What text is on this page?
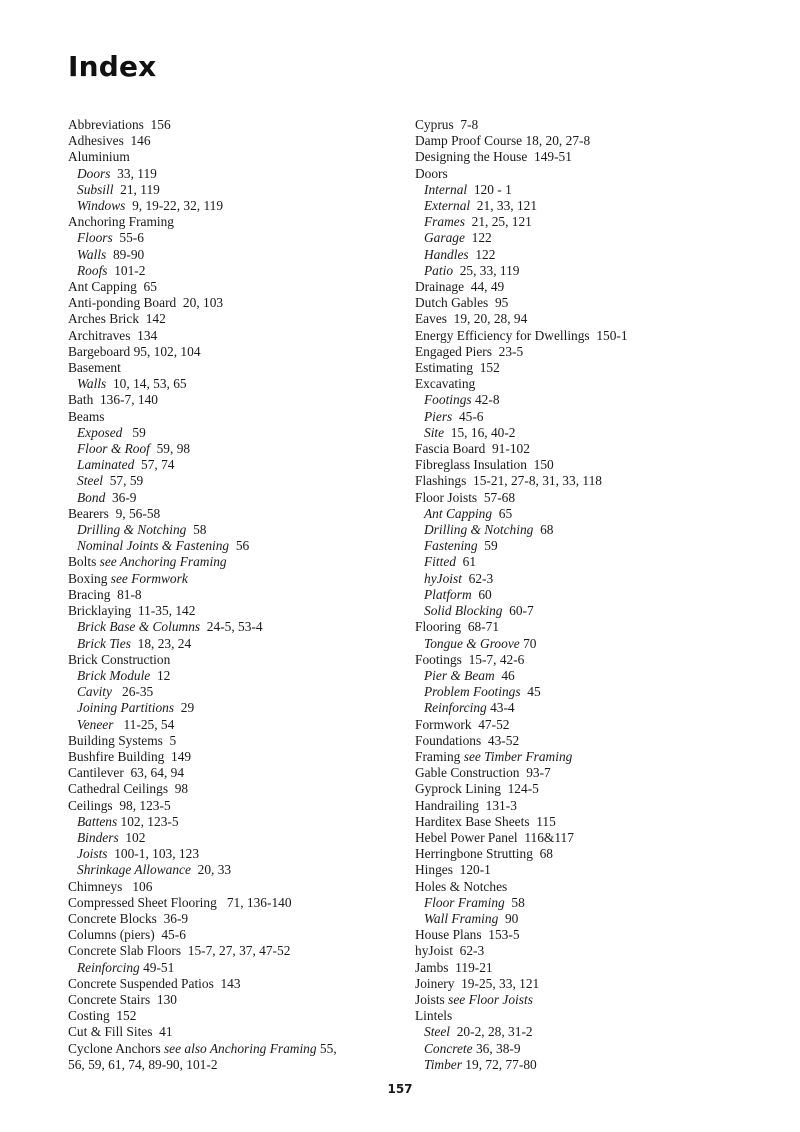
Index
Abbreviations  156
Adhesives  146
Aluminium
Doors  33, 119
Subsill  21, 119
Windows  9, 19-22, 32, 119
Anchoring Framing
Floors  55-6
Walls  89-90
Roofs  101-2
Ant Capping  65
Anti-ponding Board  20, 103
Arches Brick  142
Architraves  134
Bargeboard 95, 102, 104
Basement
Walls  10, 14, 53, 65
Bath  136-7, 140
Beams
Exposed   59
Floor & Roof  59, 98
Laminated  57, 74
Steel  57, 59
Bond  36-9
Bearers  9, 56-58
Drilling & Notching  58
Nominal Joints & Fastening  56
Bolts see Anchoring Framing
Boxing see Formwork
Bracing  81-8
Bricklaying  11-35, 142
Brick Base & Columns  24-5, 53-4
Brick Ties  18, 23, 24
Brick Construction
Brick Module  12
Cavity   26-35
Joining Partitions  29
Veneer   11-25, 54
Building Systems  5
Bushfire Building  149
Cantilever  63, 64, 94
Cathedral Ceilings  98
Ceilings  98, 123-5
Battens 102, 123-5
Binders  102
Joists  100-1, 103, 123
Shrinkage Allowance  20, 33
Chimneys   106
Compressed Sheet Flooring   71, 136-140
Concrete Blocks  36-9
Columns (piers)  45-6
Concrete Slab Floors  15-7, 27, 37, 47-52
Reinforcing 49-51
Concrete Suspended Patios  143
Concrete Stairs  130
Costing  152
Cut & Fill Sites  41
Cyclone Anchors see also Anchoring Framing 55,
56, 59, 61, 74, 89-90, 101-2
Cyprus  7-8
Damp Proof Course 18, 20, 27-8
Designing the House  149-51
Doors
Internal  120 - 1
External  21, 33, 121
Frames  21, 25, 121
Garage  122
Handles  122
Patio  25, 33, 119
Drainage  44, 49
Dutch Gables  95
Eaves  19, 20, 28, 94
Energy Efficiency for Dwellings  150-1
Engaged Piers  23-5
Estimating  152
Excavating
Footings 42-8
Piers  45-6
Site  15, 16, 40-2
Fascia Board  91-102
Fibreglass Insulation  150
Flashings  15-21, 27-8, 31, 33, 118
Floor Joists  57-68
Ant Capping  65
Drilling & Notching  68
Fastening  59
Fitted  61
hyJoist  62-3
Platform  60
Solid Blocking  60-7
Flooring  68-71
Tongue & Groove 70
Footings  15-7, 42-6
Pier & Beam  46
Problem Footings  45
Reinforcing 43-4
Formwork  47-52
Foundations  43-52
Framing see Timber Framing
Gable Construction  93-7
Gyprock Lining  124-5
Handrailing  131-3
Harditex Base Sheets  115
Hebel Power Panel  116&117
Herringbone Strutting  68
Hinges  120-1
Holes & Notches
Floor Framing  58
Wall Framing  90
House Plans  153-5
hyJoist  62-3
Jambs  119-21
Joinery  19-25, 33, 121
Joists see Floor Joists
Lintels
Steel  20-2, 28, 31-2
Concrete 36, 38-9
Timber 19, 72, 77-80
157
